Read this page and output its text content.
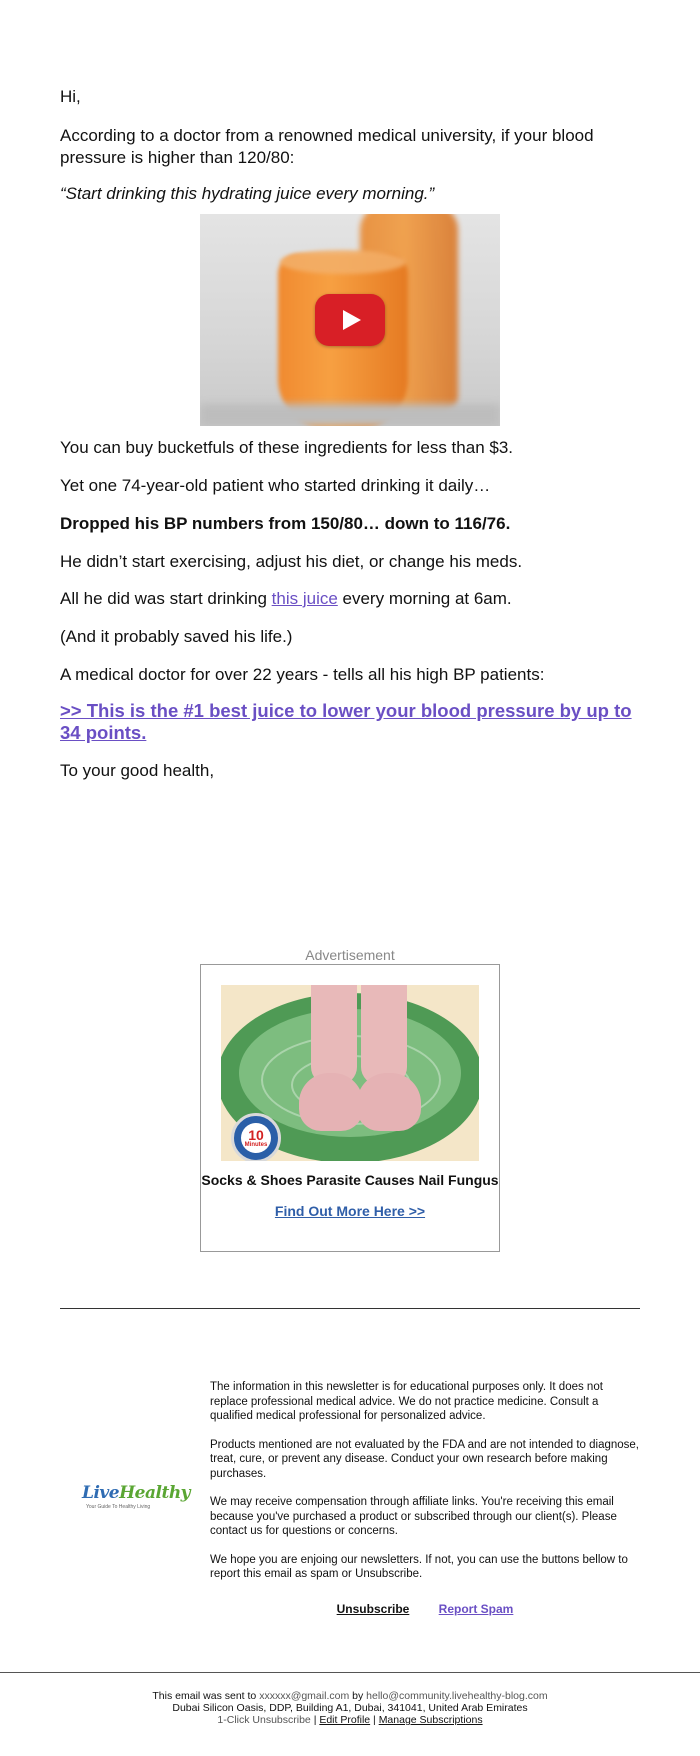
Hi,

According to a doctor from a renowned medical university, if your blood pressure is higher than 120/80:

“Start drinking this hydrating juice every morning.”

You can buy bucketfuls of these ingredients for less than $3.

Yet one 74-year-old patient who started drinking it daily…

Dropped his BP numbers from 150/80… down to 116/76.

He didn’t start exercising, adjust his diet, or change his meds.

All he did was start drinking this juice every morning at 6am.

(And it probably saved his life.)

A medical doctor for over 22 years - tells all his high BP patients:

>> This is the #1 best juice to lower your blood pressure by up to 34 points.

To your good health,

Advertisement
10
Minutes
Socks & Shoes Parasite Causes Nail Fungus
Find Out More Here >>
LiveHealthy
Your Guide To Healthy Living

The information in this newsletter is for educational purposes only. It does not replace professional medical advice. We do not practice medicine. Consult a qualified medical professional for personalized advice.

Products mentioned are not evaluated by the FDA and are not intended to diagnose, treat, cure, or prevent any disease. Conduct your own research before making purchases.

We may receive compensation through affiliate links. You're receiving this email because you've purchased a product or subscribed through our client(s). Please contact us for questions or concerns.

We hope you are enjoing our newsletters. If not, you can use the buttons bellow to report this email as spam or Unsubscribe.

Unsubscribe Report Spam
This email was sent to xxxxxx@gmail.com by hello@community.livehealthy-blog.com
Dubai Silicon Oasis, DDP, Building A1, Dubai, 341041, United Arab Emirates
1-Click Unsubscribe | Edit Profile | Manage Subscriptions
